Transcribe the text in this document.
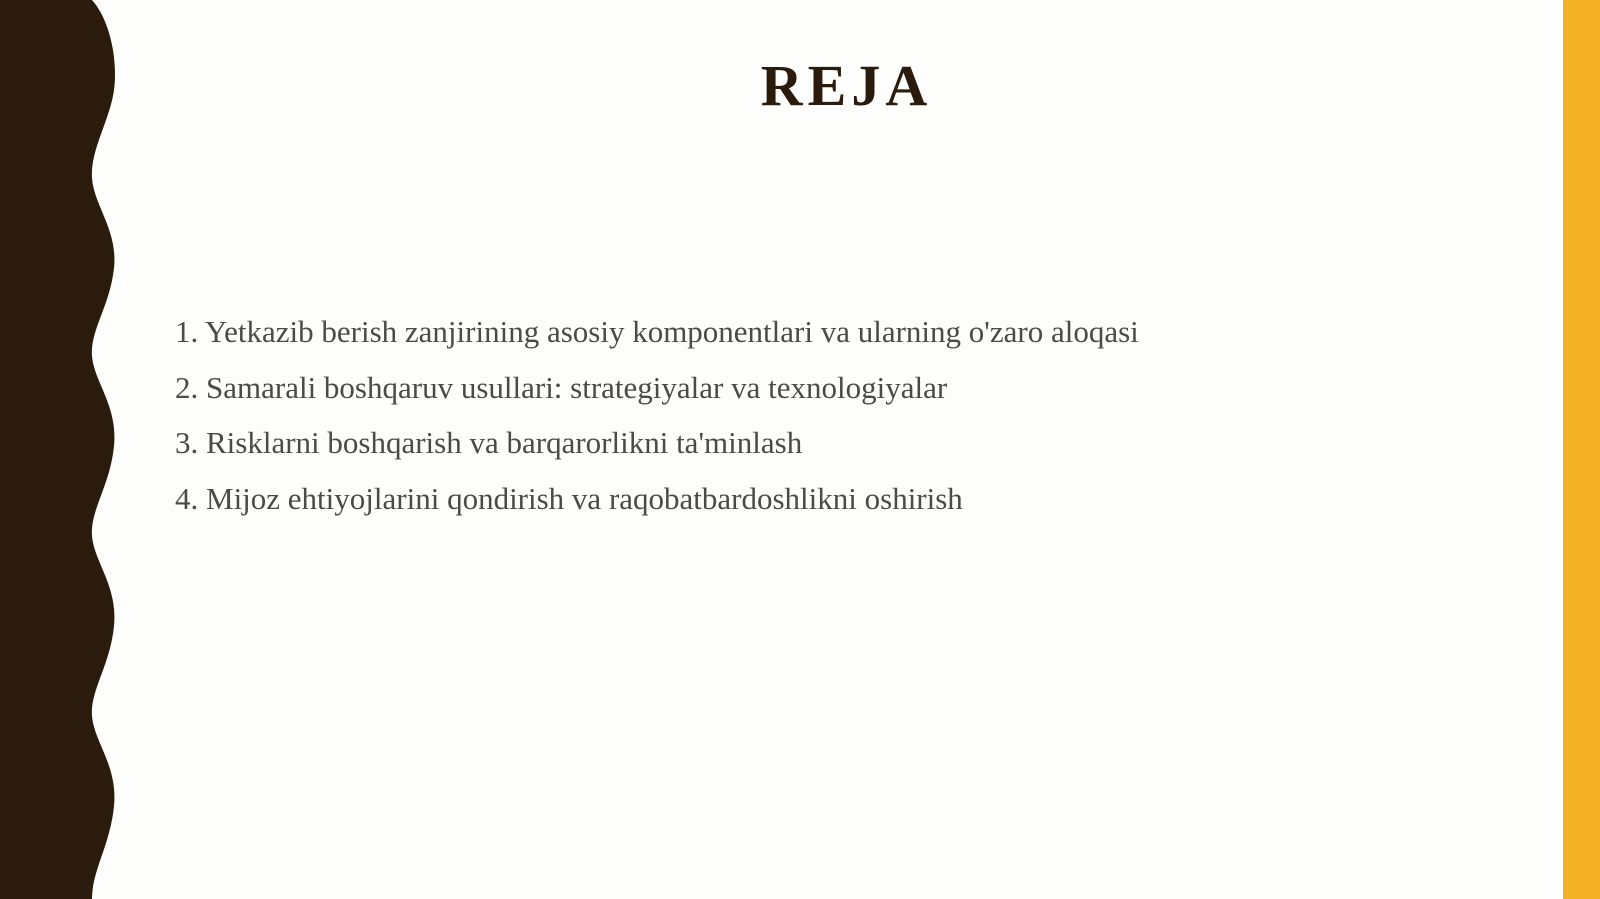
REJA
1. Yetkazib berish zanjirining asosiy komponentlari va ularning o'zaro aloqasi
2. Samarali boshqaruv usullari: strategiyalar va texnologiyalar
3. Risklarni boshqarish va barqarorlikni ta'minlash
4. Mijoz ehtiyojlarini qondirish va raqobatbardoshlikni oshirish
